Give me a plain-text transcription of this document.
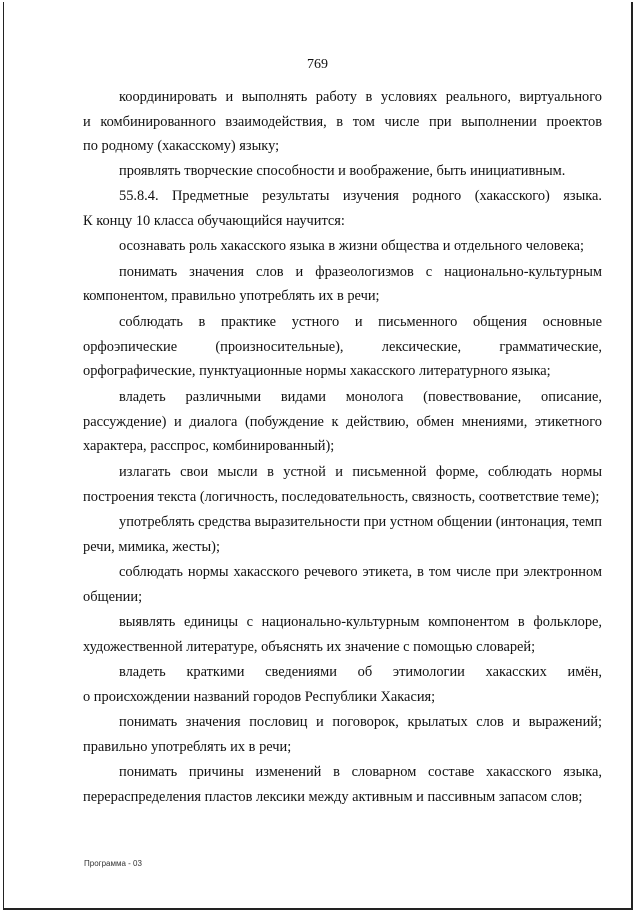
769
координировать и выполнять работу в условиях реального, виртуального
и комбинированного взаимодействия, в том числе при выполнении проектов
по родному (хакасскому) языку;
проявлять творческие способности и воображение, быть инициативным.
55.8.4. Предметные результаты изучения родного (хакасского) языка.
К концу 10 класса обучающийся научится:
осознавать роль хакасского языка в жизни общества и отдельного человека;
понимать значения слов и фразеологизмов с национально-культурным
компонентом, правильно употреблять их в речи;
соблюдать в практике устного и письменного общения основные
орфоэпические (произносительные), лексические, грамматические,
орфографические, пунктуационные нормы хакасского литературного языка;
владеть различными видами монолога (повествование, описание,
рассуждение) и диалога (побуждение к действию, обмен мнениями, этикетного
характера, расспрос, комбинированный);
излагать свои мысли в устной и письменной форме, соблюдать нормы
построения текста (логичность, последовательность, связность, соответствие теме);
употреблять средства выразительности при устном общении (интонация, темп
речи, мимика, жесты);
соблюдать нормы хакасского речевого этикета, в том числе при электронном
общении;
выявлять единицы с национально-культурным компонентом в фольклоре,
художественной литературе, объяснять их значение с помощью словарей;
владеть краткими сведениями об этимологии хакасских имён,
о происхождении названий городов Республики Хакасия;
понимать значения пословиц и поговорок, крылатых слов и выражений;
правильно употреблять их в речи;
понимать причины изменений в словарном составе хакасского языка,
перераспределения пластов лексики между активным и пассивным запасом слов;
Программа - 03
